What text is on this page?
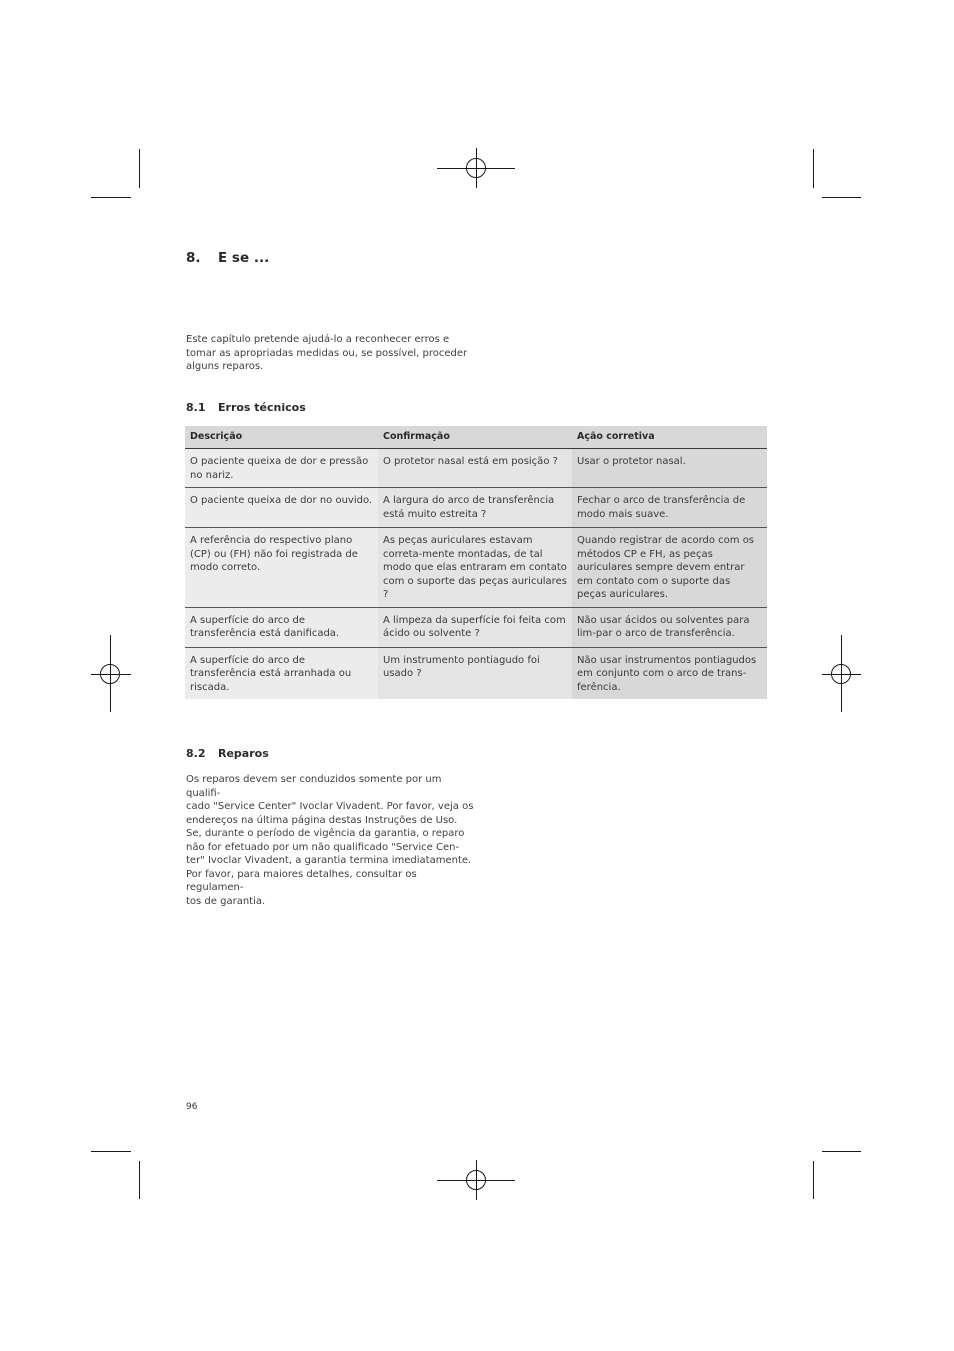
8. E se ...
Este capítulo pretende ajudá-lo a reconhecer erros e
tomar as apropriadas medidas ou, se possível, proceder
alguns reparos.
8.1 Erros técnicos
Descrição	Confirmação	Ação corretiva
O paciente queixa de dor e pressão no nariz.	O protetor nasal está em posição ?	Usar o protetor nasal.
O paciente queixa de dor no ouvido.	A largura do arco de transferência está muito estreita ?	Fechar o arco de transferência de modo mais suave.
A referência do respectivo plano (CP) ou (FH) não foi registrada de modo correto.	As peças auriculares estavam correta-mente montadas, de tal modo que elas entraram em contato com o suporte das peças auriculares ?	Quando registrar de acordo com os métodos CP e FH, as peças auriculares sempre devem entrar em contato com o suporte das peças auriculares.
A superfície do arco de transferência está danificada.	A limpeza da superfície foi feita com ácido ou solvente ?	Não usar ácidos ou solventes para lim-par o arco de transferência.
A superfície do arco de transferência está arranhada ou riscada.	Um instrumento pontiagudo foi usado ?	Não usar instrumentos pontiagudos em conjunto com o arco de trans-ferência.
8.2 Reparos
Os reparos devem ser conduzidos somente por um qualifi-
cado "Service Center" Ivoclar Vivadent. Por favor, veja os
endereços na última página destas Instruções de Uso.
Se, durante o período de vigência da garantia, o reparo
não for efetuado por um não qualificado "Service Cen-
ter" Ivoclar Vivadent, a garantia termina imediatamente.
Por favor, para maiores detalhes, consultar os regulamen-
tos de garantia.
96
